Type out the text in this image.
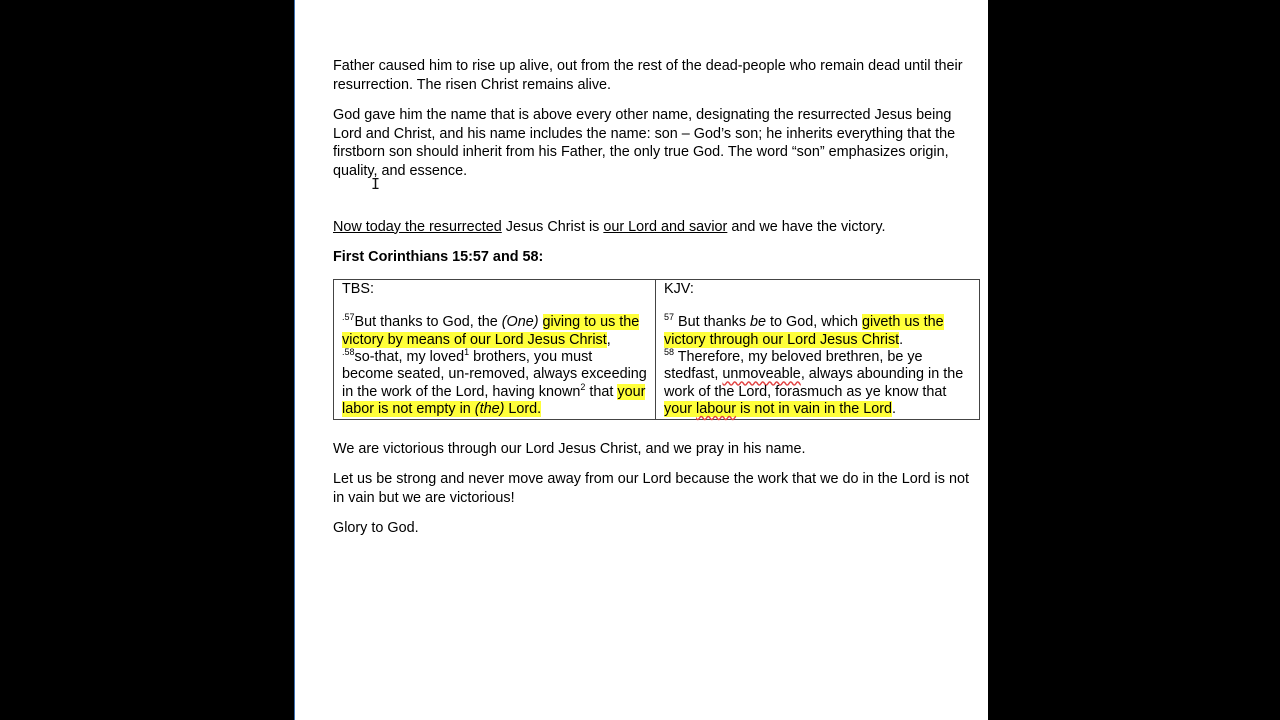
Father caused him to rise up alive, out from the rest of the dead-people who remain dead until their resurrection. The risen Christ remains alive.

God gave him the name that is above every other name, designating the resurrected Jesus being Lord and Christ, and his name includes the name: son – God’s son; he inherits everything that the firstborn son should inherit from his Father, the only true God. The word “son” emphasizes origin, quality, and essence.

Now today the resurrected Jesus Christ is our Lord and savior and we have the victory.

First Corinthians 15:57 and 58:

TBS:
$^{.57}$But thanks to God, the (One) giving to us the victory by means of our Lord Jesus Christ,
$^{.58}$so-that, my loved$^1$ brothers, you must become seated, un-removed, always exceeding in the work of the Lord, having known$^2$ that your labor is not empty in (the) Lord.

KJV:
$^{57}$ But thanks be to God, which giveth us the victory through our Lord Jesus Christ.
$^{58}$ Therefore, my beloved brethren, be ye stedfast, unmoveable, always abounding in the work of the Lord, forasmuch as ye know that your labour is not in vain in the Lord.

We are victorious through our Lord Jesus Christ, and we pray in his name.

Let us be strong and never move away from our Lord because the work that we do in the Lord is not in vain but we are victorious!

Glory to God.

I
